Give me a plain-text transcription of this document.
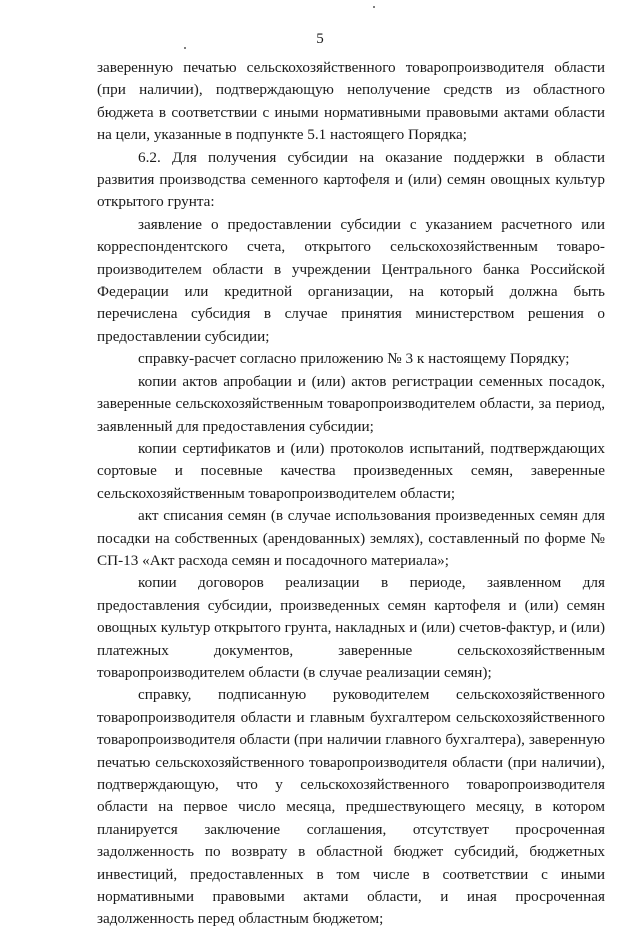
5

заверенную печатью сельскохозяйственного товаропроизводителя области (при наличии), подтверждающую неполучение средств из областного бюджета в соответствии с иными нормативными правовыми актами области на цели, указанные в подпункте 5.1 настоящего Порядка;

6.2. Для получения субсидии на оказание поддержки в области развития производства семенного картофеля и (или) семян овощных культур открытого грунта:

заявление о предоставлении субсидии с указанием расчетного или корреспондентского счета, открытого сельскохозяйственным товаро-производителем области в учреждении Центрального банка Российской Федерации или кредитной организации, на который должна быть перечислена субсидия в случае принятия министерством решения о предоставлении субсидии;

справку-расчет согласно приложению № 3 к настоящему Порядку;

копии актов апробации и (или) актов регистрации семенных посадок, заверенные сельскохозяйственным товаропроизводителем области, за период, заявленный для предоставления субсидии;

копии сертификатов и (или) протоколов испытаний, подтверждающих сортовые и посевные качества произведенных семян, заверенные сельскохозяйственным товаропроизводителем области;

акт списания семян (в случае использования произведенных семян для посадки на собственных (арендованных) землях), составленный по форме № СП-13 «Акт расхода семян и посадочного материала»;

копии договоров реализации в периоде, заявленном для предоставления субсидии, произведенных семян картофеля и (или) семян овощных культур открытого грунта, накладных и (или) счетов-фактур, и (или) платежных документов, заверенные сельскохозяйственным товаропроизводителем области (в случае реализации семян);

справку, подписанную руководителем сельскохозяйственного товаропроизводителя области и главным бухгалтером сельскохозяйственного товаропроизводителя области (при наличии главного бухгалтера), заверенную печатью сельскохозяйственного товаропроизводителя области (при наличии), подтверждающую, что у сельскохозяйственного товаропроизводителя области на первое число месяца, предшествующего месяцу, в котором планируется заключение соглашения, отсутствует просроченная задолженность по возврату в областной бюджет субсидий, бюджетных инвестиций, предоставленных в том числе в соответствии с иными нормативными правовыми актами области, и иная просроченная задолженность перед областным бюджетом;
